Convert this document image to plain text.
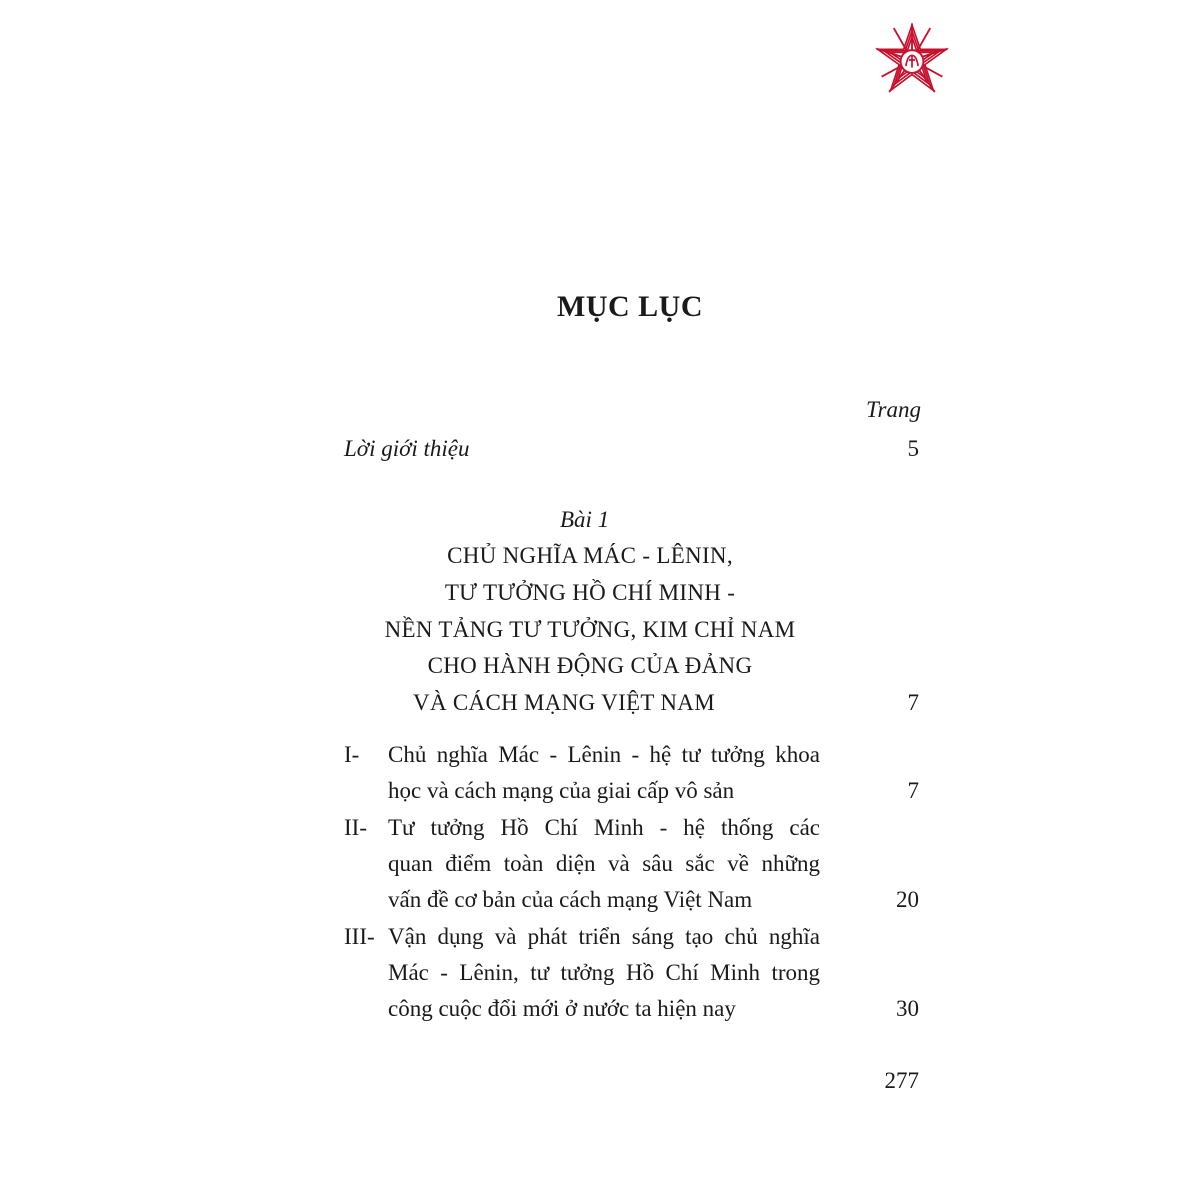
MỤC LỤC
Trang
Lời giới thiệu	5
Bài 1
CHỦ NGHĨA MÁC - LÊNIN,
TƯ TƯỞNG HỒ CHÍ MINH -
NỀN TẢNG TƯ TƯỞNG, KIM CHỈ NAM
CHO HÀNH ĐỘNG CỦA ĐẢNG
VÀ CÁCH MẠNG VIỆT NAM	7
I- Chủ nghĩa Mác - Lênin - hệ tư tưởng khoa
học và cách mạng của giai cấp vô sản	7
II- Tư tưởng Hồ Chí Minh - hệ thống các
quan điểm toàn diện và sâu sắc về những
vấn đề cơ bản của cách mạng Việt Nam	20
III- Vận dụng và phát triển sáng tạo chủ nghĩa
Mác - Lênin, tư tưởng Hồ Chí Minh trong
công cuộc đổi mới ở nước ta hiện nay	30
277
